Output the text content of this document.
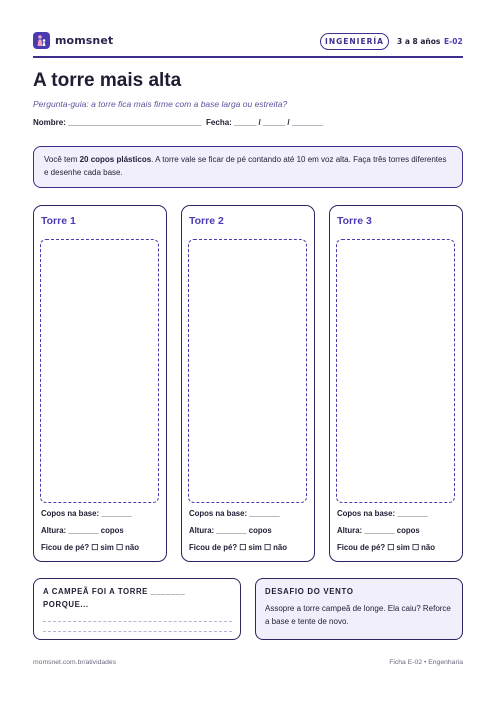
momsnet	INGENIERÍA	3 a 8 años E-02
A torre mais alta

Pergunta-guia: a torre fica mais firme com a base larga ou estreita?

Nombre: ______________________________  Fecha: _____ / _____ / _______

Você tem 20 copos plásticos. A torre vale se ficar de pé contando até 10 em voz alta. Faça três torres diferentes e desenhe cada base.
Torre 1
Copos na base: _______
Altura: _______ copos
Ficou de pé? ☐ sim ☐ não
Torre 2
Copos na base: _______
Altura: _______ copos
Ficou de pé? ☐ sim ☐ não
Torre 3
Copos na base: _______
Altura: _______ copos
Ficou de pé? ☐ sim ☐ não
A CAMPEÃ FOI A TORRE _______
PORQUE...
DESAFIO DO VENTO
Assopre a torre campeã de longe. Ela caiu? Reforce a base e tente de novo.
momsnet.com.br/atividades	Ficha E-02 • Engenharia
